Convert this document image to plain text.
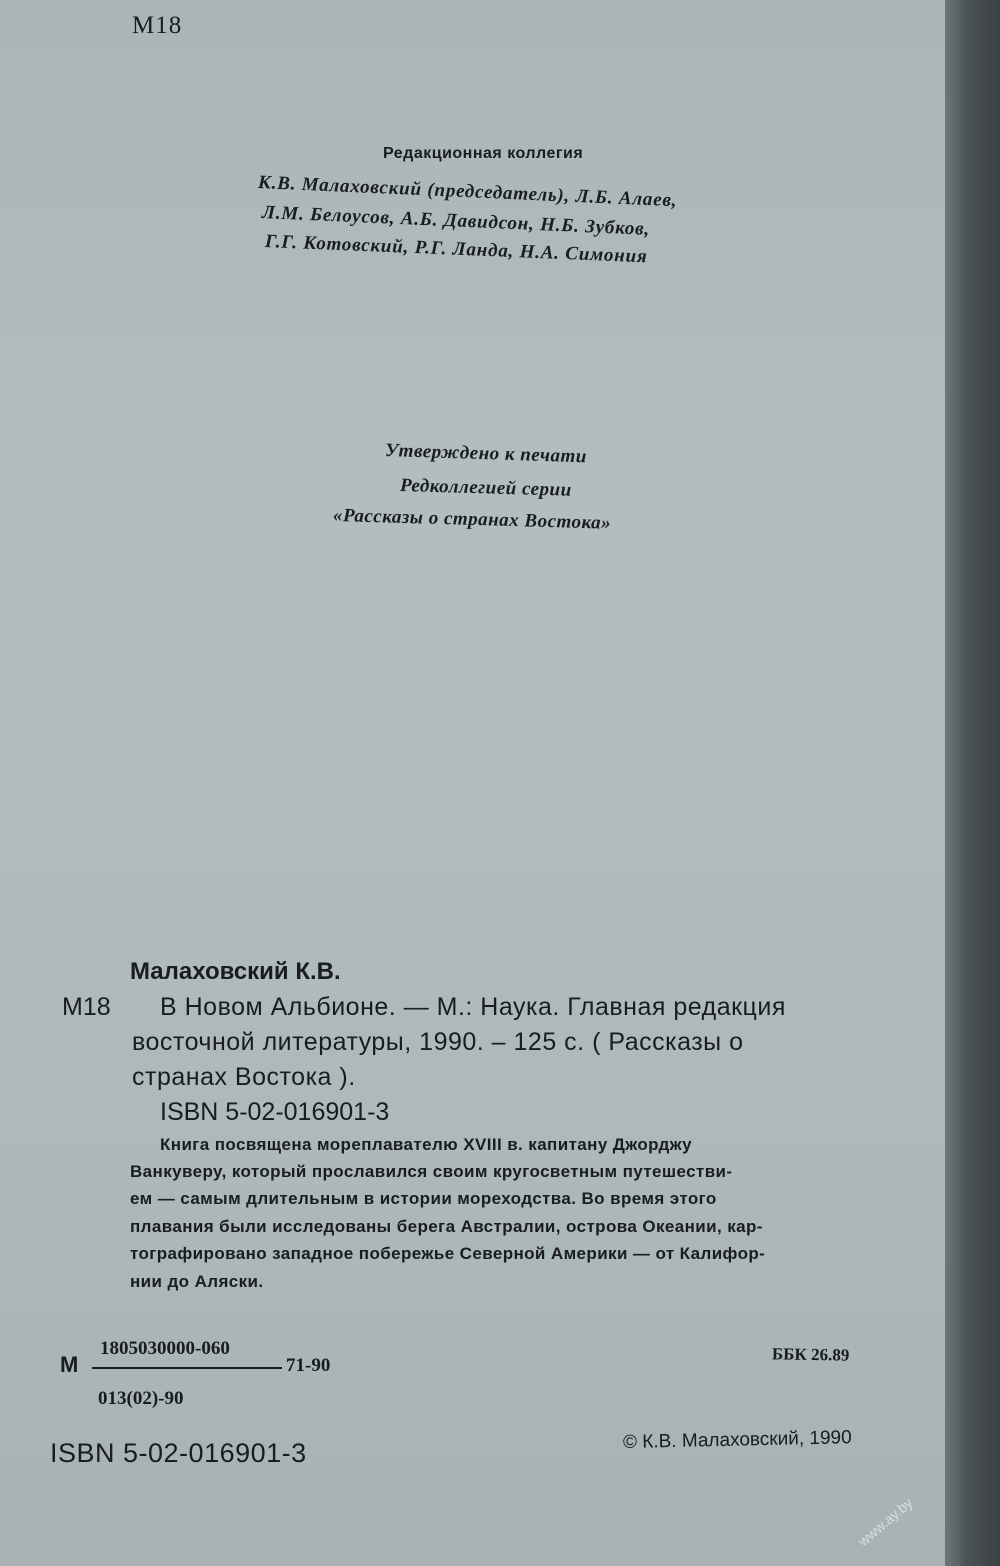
M18
Редакционная коллегия
К.В. Малаховский (председатель), Л.Б. Алаев,
Л.М. Белоусов, А.Б. Давидсон, Н.Б. Зубков,
Г.Г. Котовский, Р.Г. Ланда, Н.А. Симония
Утверждено к печати
Редколлегией серии
«Рассказы о странах Востока»
Малаховский К.В.
М18 В Новом Альбионе. — М.: Наука. Главная редакция
восточной литературы, 1990. – 125 с. ( Рассказы о
странах Востока ).
ISBN 5-02-016901-3
Книга посвящена мореплавателю XVIII в. капитану Джорджу
Ванкуверу, который прославился своим кругосветным путешестви-
ем — самым длительным в истории мореходства. Во время этого
плавания были исследованы берега Австралии, острова Океании, кар-
тографировано западное побережье Северной Америки — от Калифор-
нии до Аляски.
М
1805030000-060
013(02)-90
71-90
ББК 26.89
ISBN 5-02-016901-3	© К.В. Малаховский, 1990
www.ay.by
